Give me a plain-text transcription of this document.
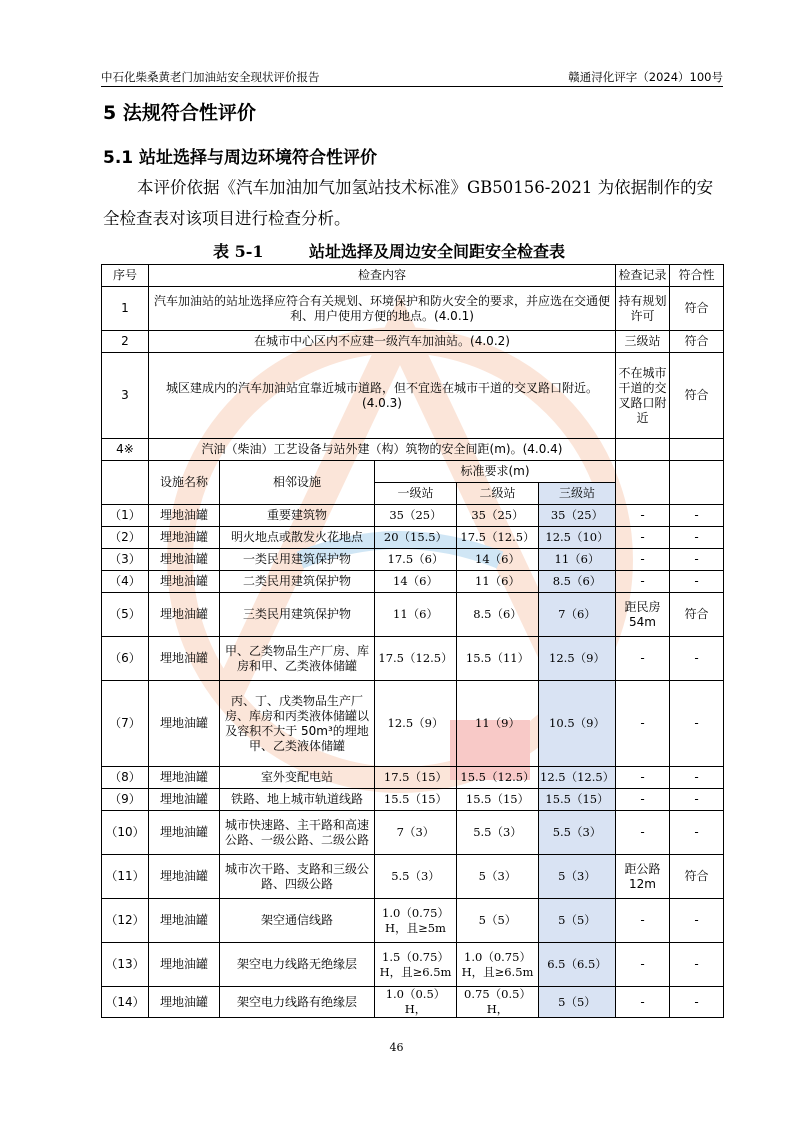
中石化柴桑黄老门加油站安全现状评价报告	赣通浔化评字（2024）100号
5 法规符合性评价
5.1 站址选择与周边环境符合性评价

本评价依据《汽车加油加气加氢站技术标准》GB50156-2021 为依据制作的安全检查表对该项目进行检查分析。

表 5-1	站址选择及周边安全间距安全检查表
序号	检查内容					检查记录	符合性
1	汽车加油站的站址选择应符合有关规划、环境保护和防火安全的要求，并应选在交通便利、用户使用方便的地点。(4.0.1)					持有规划许可	符合
2	在城市中心区内不应建一级汽车加油站。(4.0.2)					三级站	符合
3	城区建成内的汽车加油站宜靠近城市道路，但不宜选在城市干道的交叉路口附近。(4.0.3)					不在城市干道的交叉路口附近	符合
4※	汽油（柴油）工艺设备与站外建（构）筑物的安全间距(m)。(4.0.4)						
	设施名称	相邻设施	标准要求(m)				
			一级站	二级站	三级站		
（1）	埋地油罐	重要建筑物	35（25）	35（25）	35（25）	-	-
（2）	埋地油罐	明火地点或散发火花地点	20（15.5）	17.5（12.5）	12.5（10）	-	-
（3）	埋地油罐	一类民用建筑保护物	17.5（6）	14（6）	11（6）	-	-
（4）	埋地油罐	二类民用建筑保护物	14（6）	11（6）	8.5（6）	-	-
（5）	埋地油罐	三类民用建筑保护物	11（6）	8.5（6）	7（6）	距民房54m	符合
（6）	埋地油罐	甲、乙类物品生产厂房、库房和甲、乙类液体储罐	17.5（12.5）	15.5（11）	12.5（9）	-	-
（7）	埋地油罐	丙、丁、戊类物品生产厂房、库房和丙类液体储罐以及容积不大于 50m³的埋地甲、乙类液体储罐	12.5（9）	11（9）	10.5（9）	-	-
（8）	埋地油罐	室外变配电站	17.5（15）	15.5（12.5）	12.5（12.5）	-	-
（9）	埋地油罐	铁路、地上城市轨道线路	15.5（15）	15.5（15）	15.5（15）	-	-
（10）	埋地油罐	城市快速路、主干路和高速公路、一级公路、二级公路	7（3）	5.5（3）	5.5（3）	-	-
（11）	埋地油罐	城市次干路、支路和三级公路、四级公路	5.5（3）	5（3）	5（3）	距公路12m	符合
（12）	埋地油罐	架空通信线路	1.0（0.75）H，且≥5m	5（5）	5（5）	-	-
（13）	埋地油罐	架空电力线路无绝缘层	1.5（0.75）H，且≥6.5m	1.0（0.75）H，且≥6.5m	6.5（6.5）	-	-
（14）	埋地油罐	架空电力线路有绝缘层	1.0（0.5）H，	0.75（0.5）H，	5（5）	-	-
46
